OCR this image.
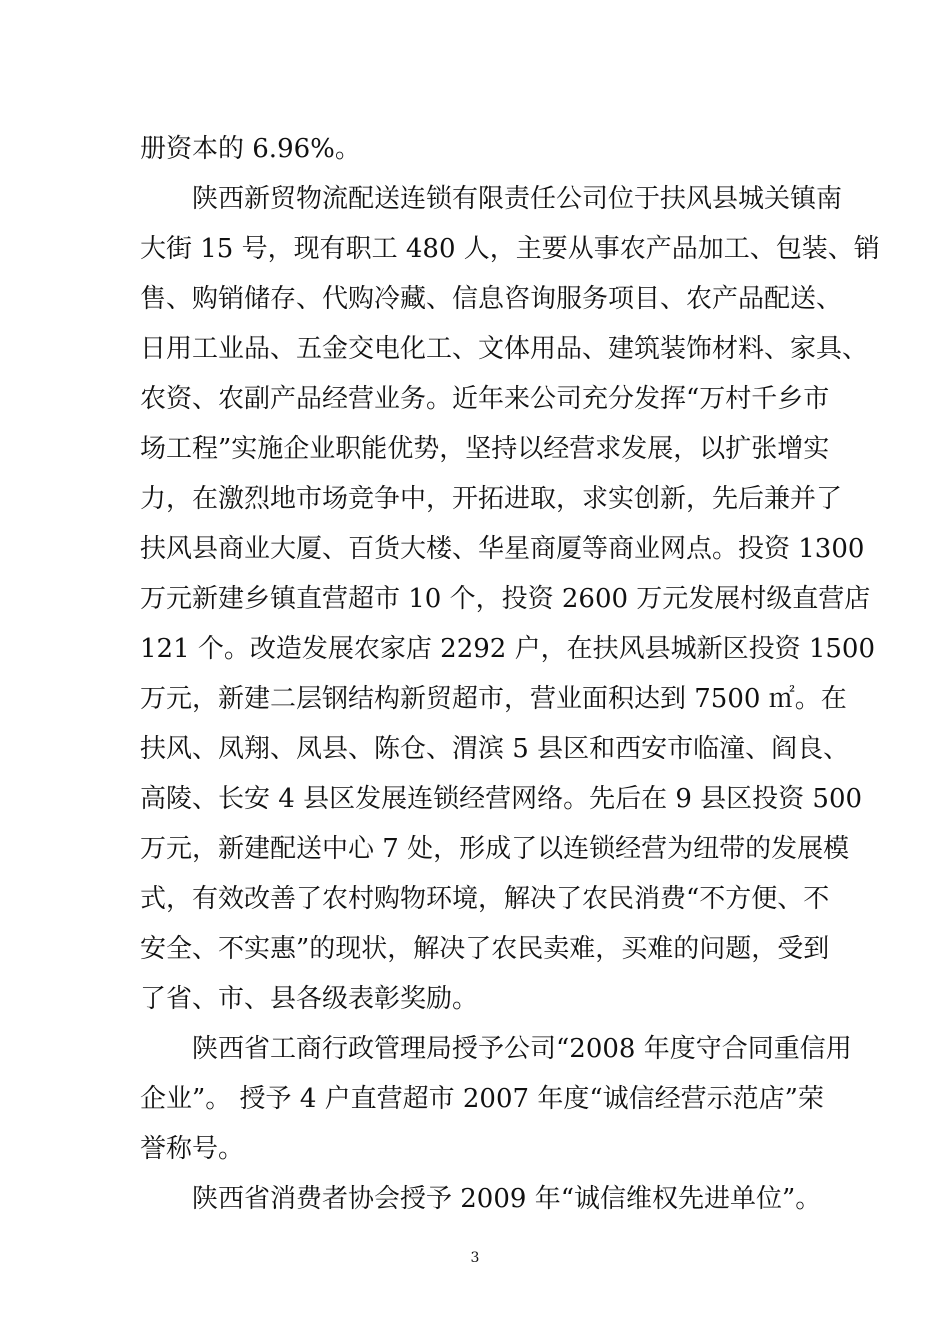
册资本的 6.96%。
陕西新贸物流配送连锁有限责任公司位于扶风县城关镇南
大街 15 号，现有职工 480 人，主要从事农产品加工、包装、销
售、购销储存、代购冷藏、信息咨询服务项目、农产品配送、
日用工业品、五金交电化工、文体用品、建筑装饰材料、家具、
农资、农副产品经营业务。近年来公司充分发挥“万村千乡市
场工程”实施企业职能优势，坚持以经营求发展，以扩张增实
力，在激烈地市场竞争中，开拓进取，求实创新，先后兼并了
扶风县商业大厦、百货大楼、华星商厦等商业网点。投资 1300
万元新建乡镇直营超市 10 个，投资 2600 万元发展村级直营店
121 个。改造发展农家店 2292 户，在扶风县城新区投资 1500
万元，新建二层钢结构新贸超市，营业面积达到 7500 ㎡。在
扶风、凤翔、凤县、陈仓、渭滨 5 县区和西安市临潼、阎良、
高陵、长安 4 县区发展连锁经营网络。先后在 9 县区投资 500
万元，新建配送中心 7 处，形成了以连锁经营为纽带的发展模
式，有效改善了农村购物环境，解决了农民消费“不方便、不
安全、不实惠”的现状，解决了农民卖难，买难的问题，受到
了省、市、县各级表彰奖励。
陕西省工商行政管理局授予公司“2008 年度守合同重信用
企业”。 授予 4 户直营超市 2007 年度“诚信经营示范店”荣
誉称号。
陕西省消费者协会授予 2009 年“诚信维权先进单位”。
3
